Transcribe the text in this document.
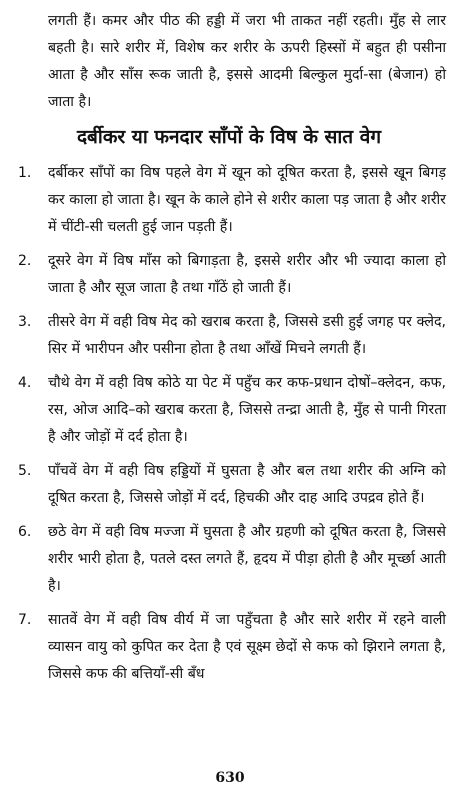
लगती हैं। कमर और पीठ की हड्डी में जरा भी ताकत नहीं रहती। मुँह से लार बहती है। सारे शरीर में, विशेष कर शरीर के ऊपरी हिस्सों में बहुत ही पसीना आता है और साँस रूक जाती है, इससे आदमी बिल्कुल मुर्दा-सा (बेजान) हो जाता है।

दर्बीकर या फनदार साँपों के विष के सात वेग
1.	दर्बीकर साँपों का विष पहले वेग में खून को दूषित करता है, इससे खून बिगड़ कर काला हो जाता है। खून के काले होने से शरीर काला पड़ जाता है और शरीर में चींटी-सी चलती हुई जान पड़ती हैं।
2.	दूसरे वेग में विष माँस को बिगाड़ता है, इससे शरीर और भी ज्यादा काला हो जाता है और सूज जाता है तथा गाँठें हो जाती हैं।
3.	तीसरे वेग में वही विष मेद को खराब करता है, जिससे डसी हुई जगह पर क्लेद, सिर में भारीपन और पसीना होता है तथा आँखें मिचने लगती हैं।
4.	चौथे वेग में वही विष कोठे या पेट में पहुँच कर कफ-प्रधान दोषों–क्लेदन, कफ, रस, ओज आदि–को खराब करता है, जिससे तन्द्रा आती है, मुँह से पानी गिरता है और जोड़ों में दर्द होता है।
5.	पाँचवें वेग में वही विष हड्डियों में घुसता है और बल तथा शरीर की अग्नि को दूषित करता है, जिससे जोड़ों में दर्द, हिचकी और दाह आदि उपद्रव होते हैं।
6.	छठे वेग में वही विष मज्जा में घुसता है और ग्रहणी को दूषित करता है, जिससे शरीर भारी होता है, पतले दस्त लगते हैं, हृदय में पीड़ा होती है और मूर्च्छा आती है।
7.	सातवें वेग में वही विष वीर्य में जा पहुँचता है और सारे शरीर में रहने वाली व्यासन वायु को कुपित कर देता है एवं सूक्ष्म छेदों से कफ को झिराने लगता है, जिससे कफ की बत्तियाँ-सी बँध
630
